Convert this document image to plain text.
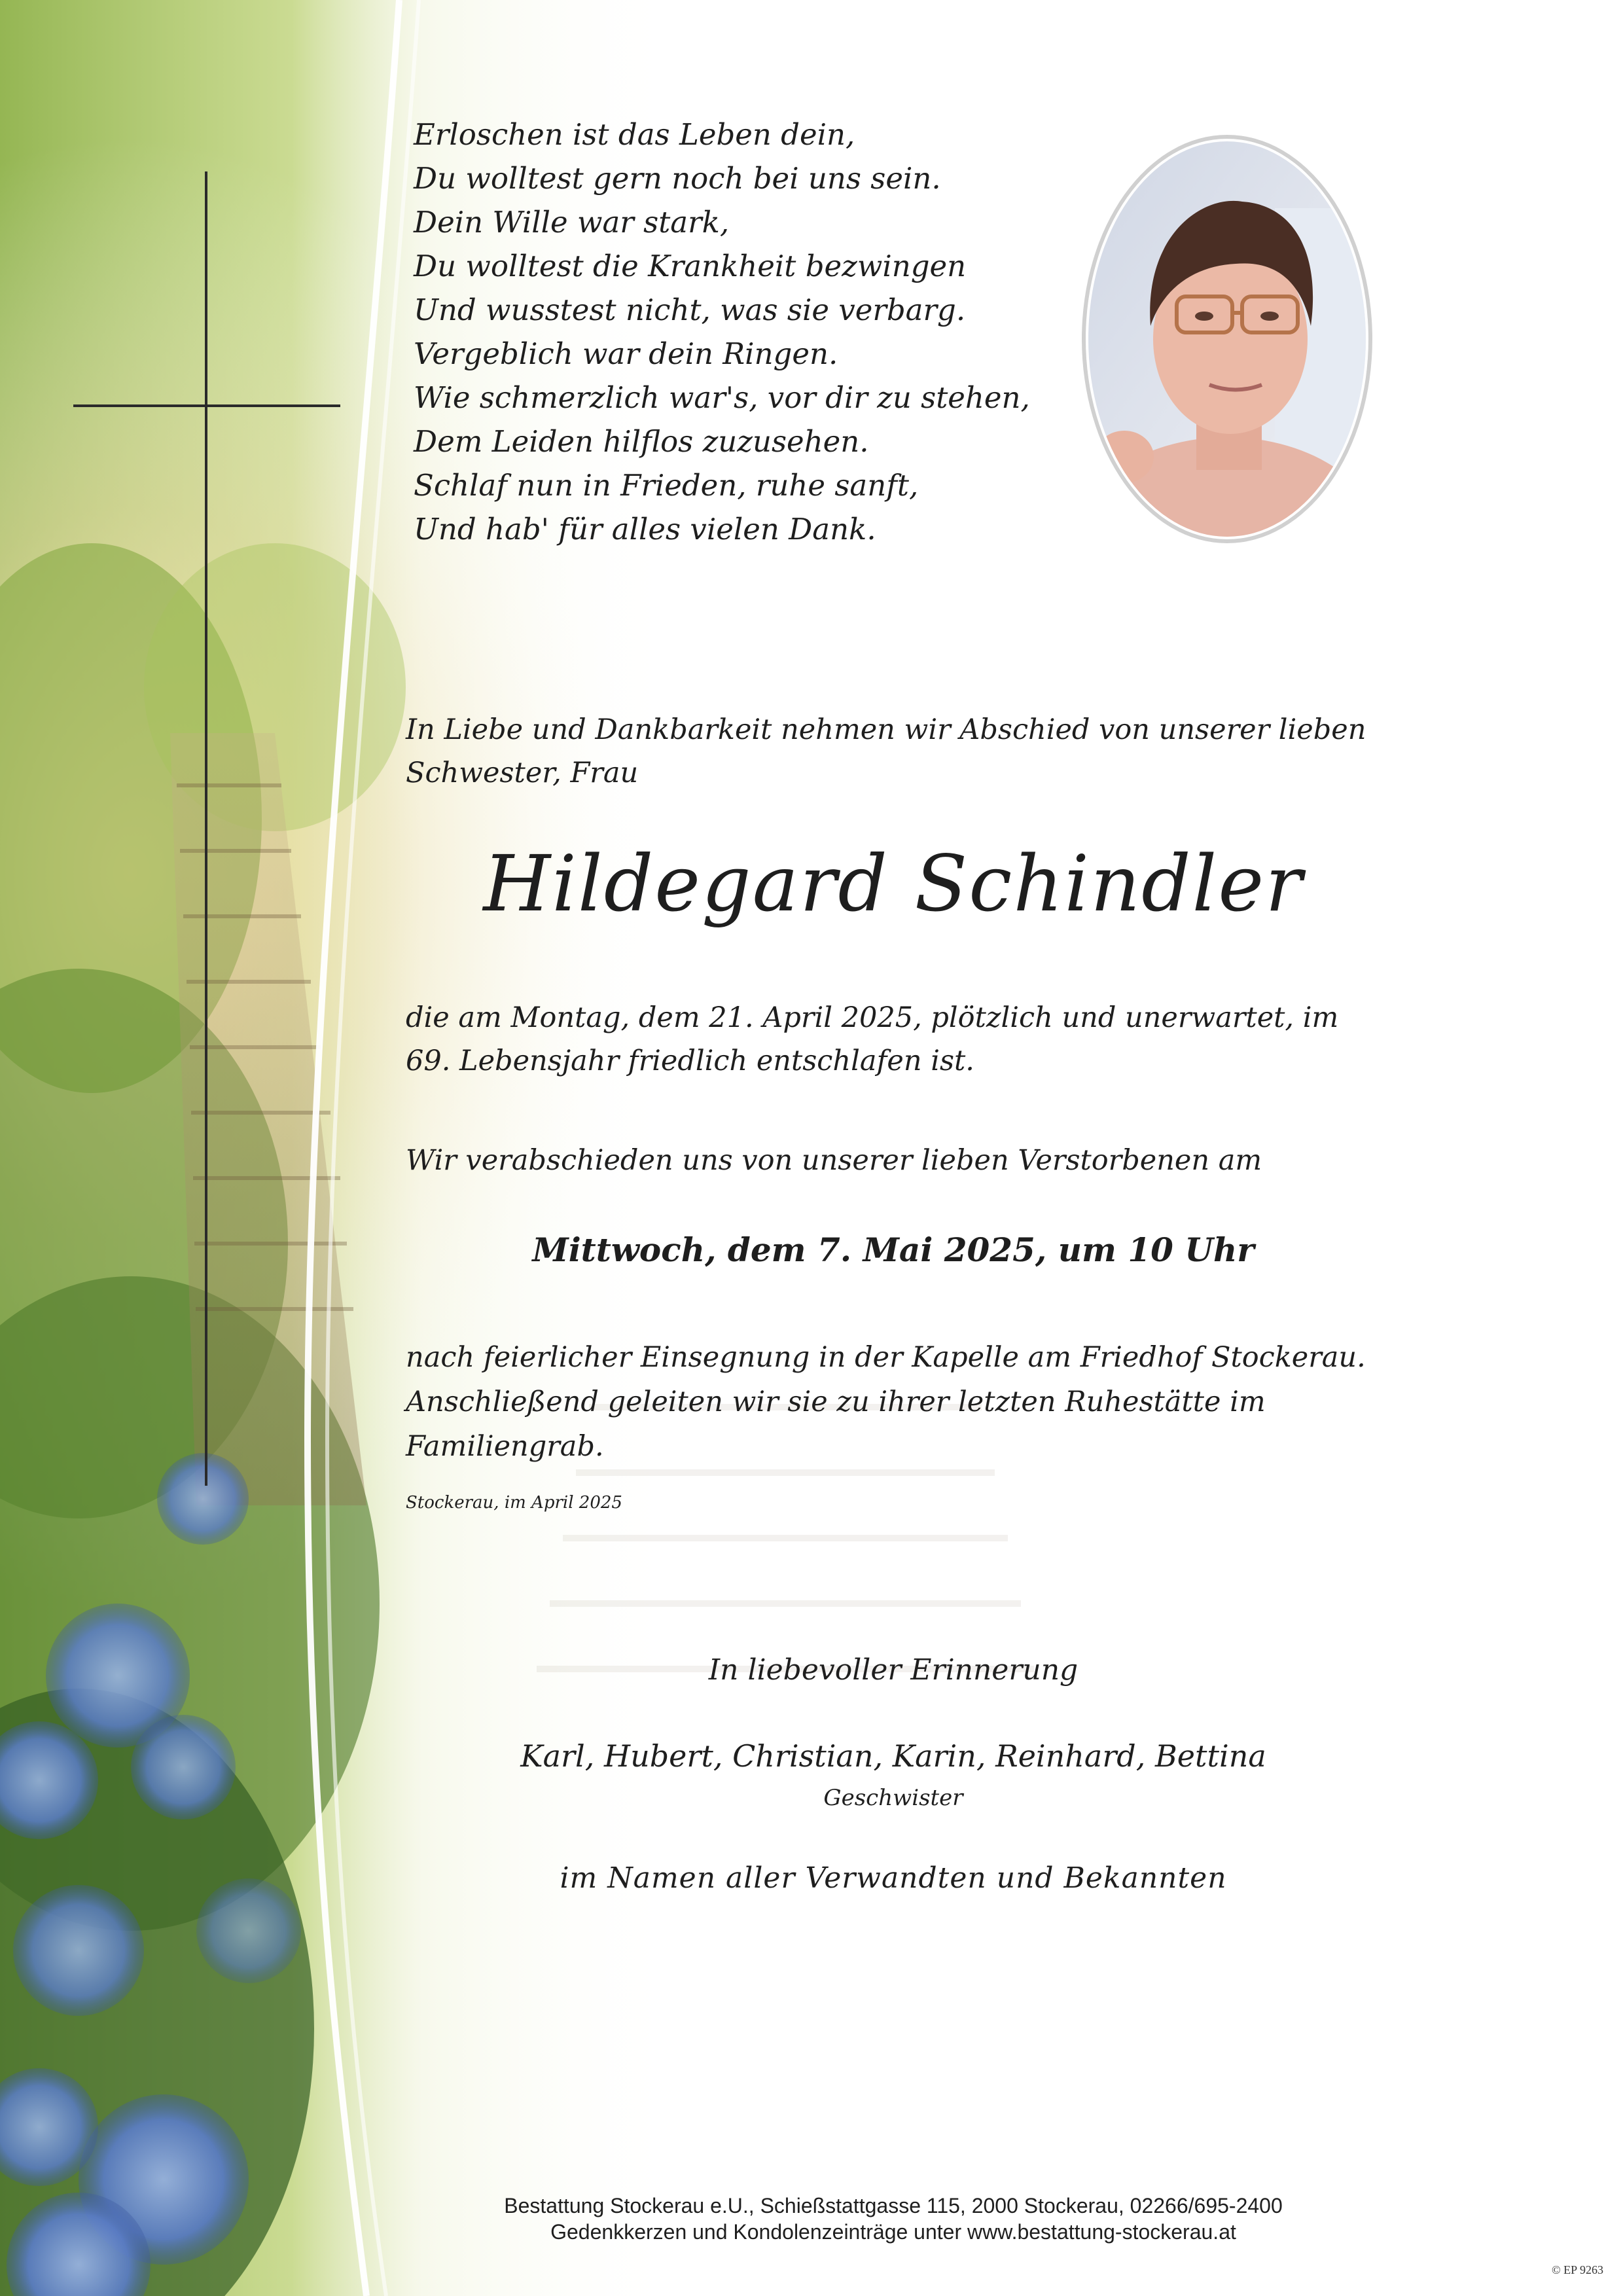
Erloschen ist das Leben dein,
Du wolltest gern noch bei uns sein.
Dein Wille war stark,
Du wolltest die Krankheit bezwingen
Und wusstest nicht, was sie verbarg.
Vergeblich war dein Ringen.
Wie schmerzlich war's, vor dir zu stehen,
Dem Leiden hilflos zuzusehen.
Schlaf nun in Frieden, ruhe sanft,
Und hab' für alles vielen Dank.
In Liebe und Dankbarkeit nehmen wir Abschied von unserer lieben Schwester, Frau
Hildegard Schindler
die am Montag, dem 21. April 2025, plötzlich und unerwartet, im 69. Lebensjahr friedlich entschlafen ist.
Wir verabschieden uns von unserer lieben Verstorbenen am
Mittwoch, dem 7. Mai 2025, um 10 Uhr
nach feierlicher Einsegnung in der Kapelle am Friedhof Stockerau. Anschließend geleiten wir sie zu ihrer letzten Ruhestätte im Familiengrab.
Stockerau, im April 2025
In liebevoller Erinnerung
Karl, Hubert, Christian, Karin, Reinhard, Bettina
Geschwister
im Namen aller Verwandten und Bekannten
Bestattung Stockerau e.U., Schießstattgasse 115, 2000 Stockerau, 02266/695-2400
Gedenkkerzen und Kondolenzeinträge unter www.bestattung-stockerau.at
© EP 9263
